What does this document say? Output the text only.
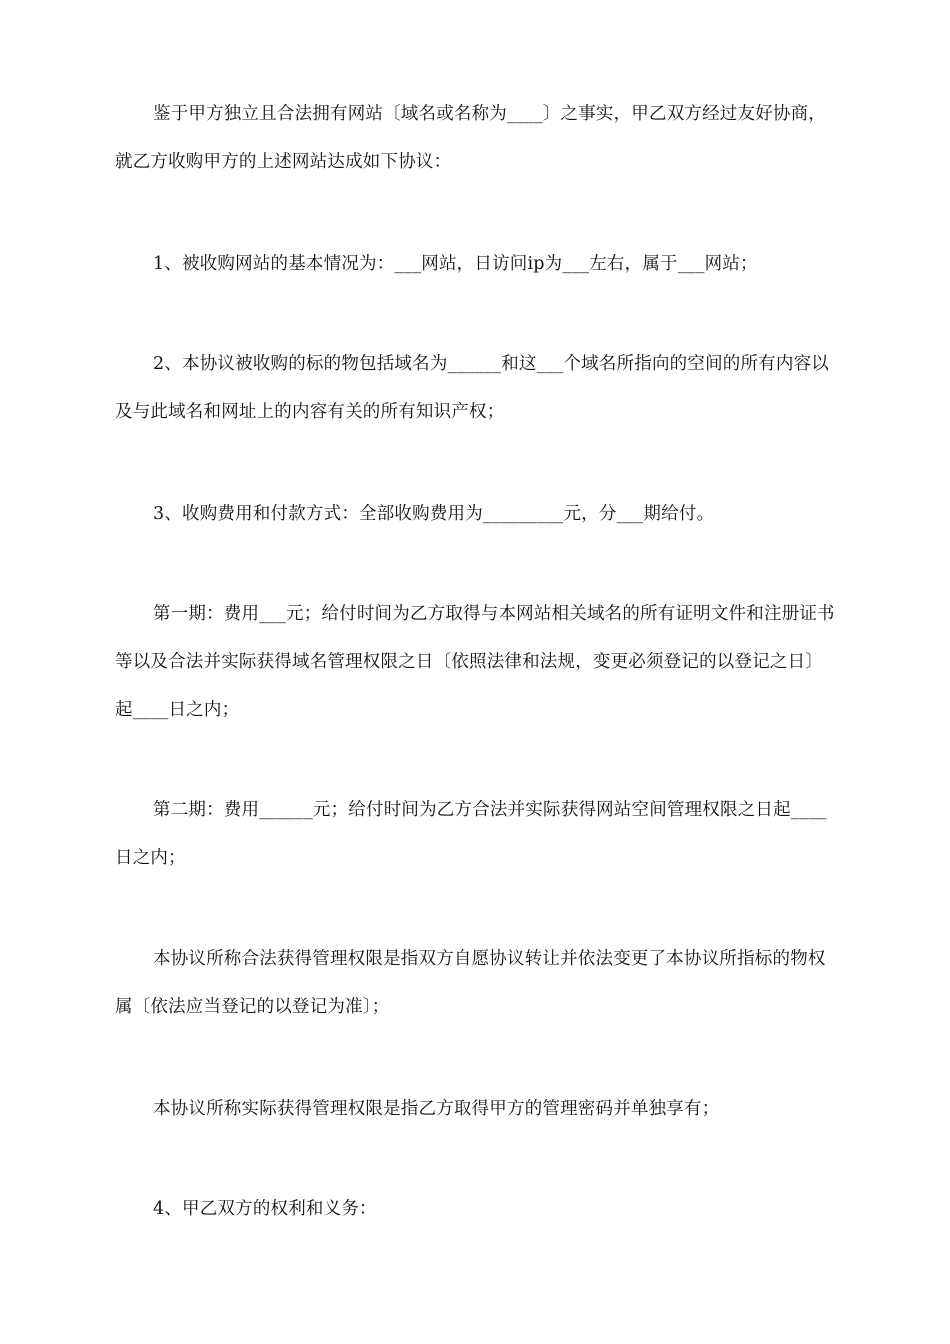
鉴于甲方独立且合法拥有网站〔域名或名称为____〕之事实，甲乙双方经过友好协商，就乙方收购甲方的上述网站达成如下协议：

1、被收购网站的基本情况为：___网站，日访问ip为___左右，属于___网站；

2、本协议被收购的标的物包括域名为______和这___个域名所指向的空间的所有内容以及与此域名和网址上的内容有关的所有知识产权；

3、收购费用和付款方式：全部收购费用为_________元，分___期给付。

第一期：费用___元；给付时间为乙方取得与本网站相关域名的所有证明文件和注册证书等以及合法并实际获得域名管理权限之日〔依照法律和法规，变更必须登记的以登记之日〕起____日之内；

第二期：费用______元；给付时间为乙方合法并实际获得网站空间管理权限之日起____日之内；

本协议所称合法获得管理权限是指双方自愿协议转让并依法变更了本协议所指标的物权属〔依法应当登记的以登记为准〕；

本协议所称实际获得管理权限是指乙方取得甲方的管理密码并单独享有；

4、甲乙双方的权利和义务：
